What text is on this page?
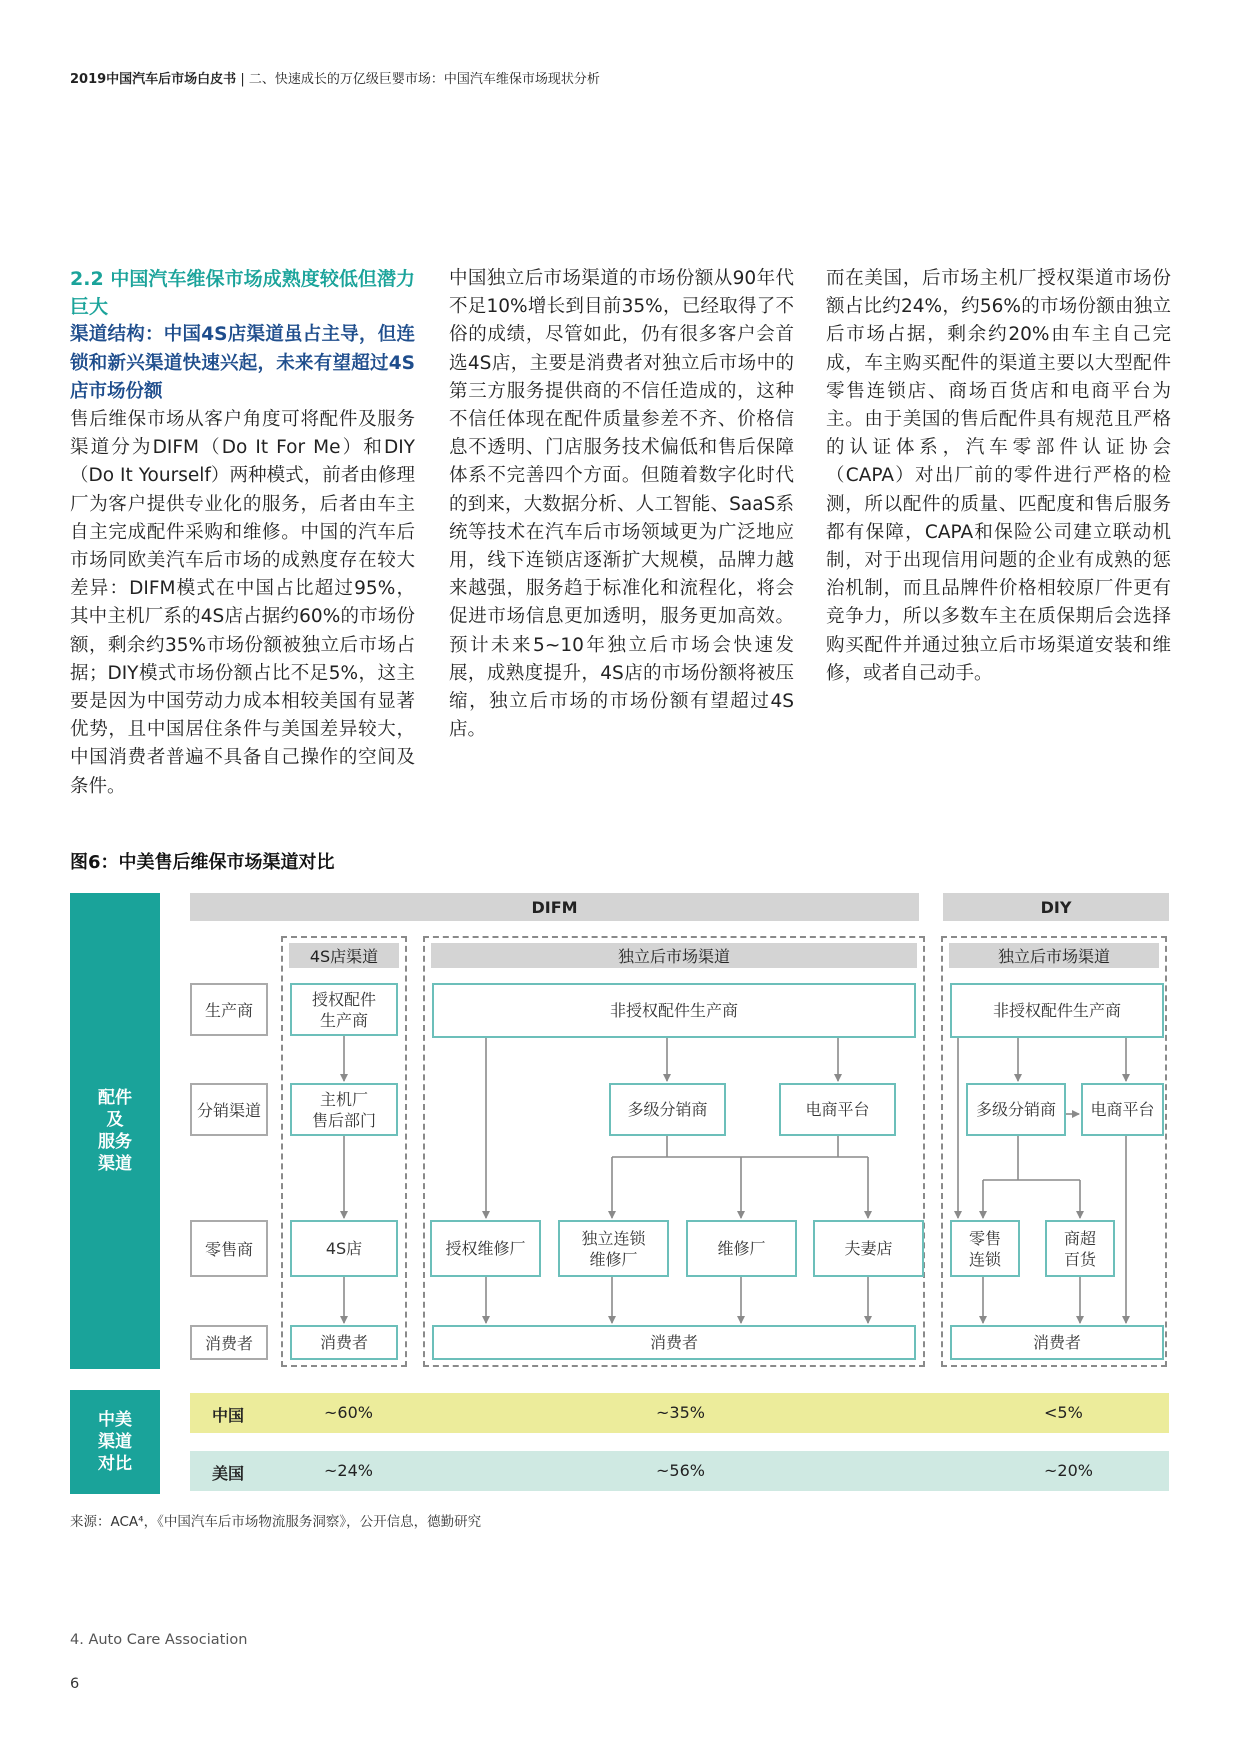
2019中国汽车后市场白皮书 | 二、快速成长的万亿级巨婴市场：中国汽车维保市场现状分析

2.2 中国汽车维保市场成熟度较低但潜力巨大

渠道结构：中国4S店渠道虽占主导，但连锁和新兴渠道快速兴起，未来有望超过4S店市场份额

售后维保市场从客户角度可将配件及服务渠道分为DIFM（Do It For Me）和DIY（Do It Yourself）两种模式，前者由修理厂为客户提供专业化的服务，后者由车主自主完成配件采购和维修。中国的汽车后市场同欧美汽车后市场的成熟度存在较大差异：DIFM模式在中国占比超过95%，其中主机厂系的4S店占据约60%的市场份额，剩余约35%市场份额被独立后市场占据；DIY模式市场份额占比不足5%，这主要是因为中国劳动力成本相较美国有显著优势，且中国居住条件与美国差异较大，中国消费者普遍不具备自己操作的空间及条件。

中国独立后市场渠道的市场份额从90年代不足10%增长到目前35%，已经取得了不俗的成绩，尽管如此，仍有很多客户会首选4S店，主要是消费者对独立后市场中的第三方服务提供商的不信任造成的，这种不信任体现在配件质量参差不齐、价格信息不透明、门店服务技术偏低和售后保障体系不完善四个方面。但随着数字化时代的到来，大数据分析、人工智能、SaaS系统等技术在汽车后市场领域更为广泛地应用，线下连锁店逐渐扩大规模，品牌力越来越强，服务趋于标准化和流程化，将会促进市场信息更加透明，服务更加高效。预计未来5~10年独立后市场会快速发展，成熟度提升，4S店的市场份额将被压缩，独立后市场的市场份额有望超过4S店。

而在美国，后市场主机厂授权渠道市场份额占比约24%，约56%的市场份额由独立后市场占据，剩余约20%由车主自己完成，车主购买配件的渠道主要以大型配件零售连锁店、商场百货店和电商平台为主。由于美国的售后配件具有规范且严格的认证体系，汽车零部件认证协会（CAPA）对出厂前的零件进行严格的检测，所以配件的质量、匹配度和售后服务都有保障，CAPA和保险公司建立联动机制，对于出现信用问题的企业有成熟的惩治机制，而且品牌件价格相较原厂件更有竞争力，所以多数车主在质保期后会选择购买配件并通过独立后市场渠道安装和维修，或者自己动手。

图6：中美售后维保市场渠道对比
配件
及
服务
渠道
中美
渠道
对比
DIFM	DIY
4S店渠道	独立后市场渠道	独立后市场渠道
生产商
分销渠道
零售商
消费者
授权配件
生产商
主机厂
售后部门
4S店
消费者
非授权配件生产商
多级分销商	电商平台
授权维修厂
独立连锁
维修厂
维修厂	夫妻店
消费者
非授权配件生产商
多级分销商	电商平台
零售
连锁
商超
百货
消费者
中国	~60%	~35%	<5%
美国	~24%	~56%	~20%
来源：ACA⁴，《中国汽车后市场物流服务洞察》，公开信息，德勤研究
4. Auto Care Association
6
